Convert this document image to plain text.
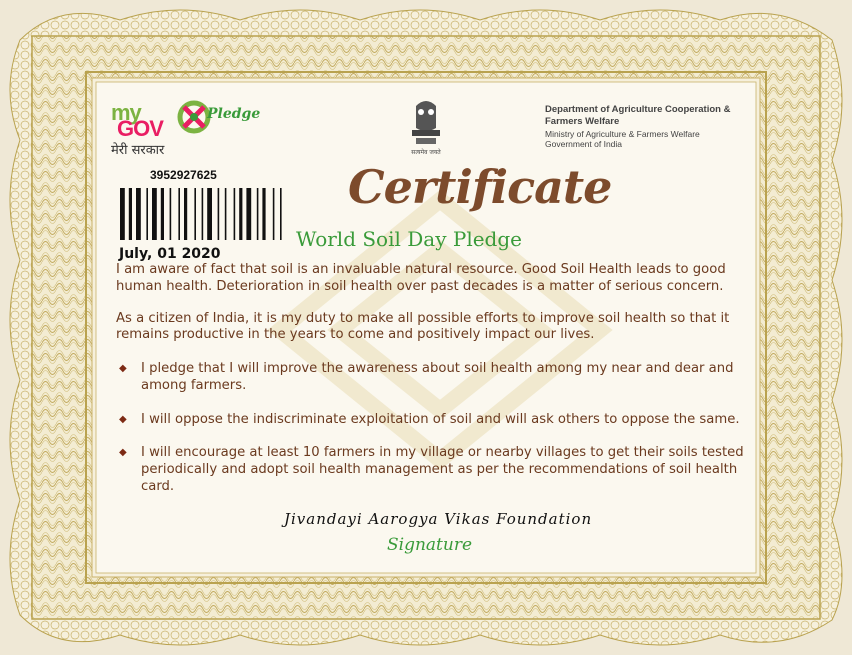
my
GOV
मेरी सरकार
Pledge
सत्यमेव जयते
Department of Agriculture Cooperation & Farmers Welfare
Ministry of Agriculture & Farmers Welfare
Government of India
3952927625
July, 01 2020
Certificate
World Soil Day Pledge

I am aware of fact that soil is an invaluable natural resource. Good Soil Health leads to good human health. Deterioration in soil health over past decades is a matter of serious concern.

As a citizen of India, it is my duty to make all possible efforts to improve soil health so that it remains productive in the years to come and positively impact our lives.

◆ I pledge that I will improve the awareness about soil health among my near and dear and among farmers.
◆ I will oppose the indiscriminate exploitation of soil and will ask others to oppose the same.
◆ I will encourage at least 10 farmers in my village or nearby villages to get their soils tested periodically and adopt soil health management as per the recommendations of soil health card.
Jivandayi Aarogya Vikas Foundation
Signature
